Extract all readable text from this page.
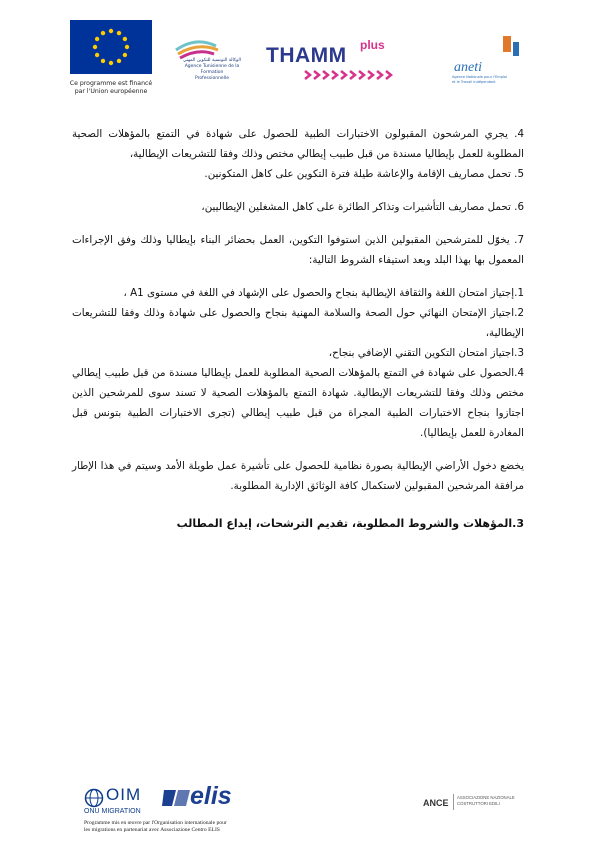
Ce programme est financé
par l'Union européenne
الوكالة التونسية للتكوين المهني
Agence Tunisienne de la Formation
Professionnelle
THAMM plus
aneti
Agence Nationale pour l'Emploi
et le Travail Indépendant

4. يجري المرشحون المقبولون الاختبارات الطبية للحصول على شهادة في التمتع بالمؤهلات الصحية المطلوبة للعمل بإيطاليا مسندة من قبل طبيب إيطالي مختص وذلك وفقا للتشريعات الإيطالية،

5. تحمل مصاريف الإقامة والإعاشة طيلة فترة التكوين على كاهل المتكونين.

6. تحمل مصاريف التأشيرات وتذاكر الطائرة على كاهل المشغلين الإيطاليين،

7. يخوّل للمترشحين المقبولين الذين استوفوا التكوين، العمل بحضائر البناء بإيطاليا وذلك وفق الإجراءات المعمول بها بهذا البلد وبعد استيفاء الشروط التالية:

1.إجتياز امتحان اللغة والثقافة الإيطالية بنجاح والحصول على الإشهاد في اللغة في مستوى A1 ،

2.اجتياز الإمتحان النهائي حول الصحة والسلامة المهنية بنجاح والحصول على شهادة وذلك وفقا للتشريعات الإيطالية،

3.اجتياز امتحان التكوين التقني الإضافي بنجاح،

4.الحصول على شهادة في التمتع بالمؤهلات الصحية المطلوبة للعمل بإيطاليا مسندة من قبل طبيب إيطالي مختص وذلك وفقا للتشريعات الإيطالية. شهادة التمتع بالمؤهلات الصحية لا تسند سوى للمرشحين الذين اجتازوا بنجاح الاختبارات الطبية المجراة من قبل طبيب إيطالي (تجرى الاختبارات الطبية بتونس قبل المغادرة للعمل بإيطاليا).

يخضع دخول الأراضي الإيطالية بصورة نظامية للحصول على تأشيرة عمل طويلة الأمد وسيتم في هذا الإطار مرافقة المرشحين المقبولين لاستكمال كافة الوثائق الإدارية المطلوبة.

3.المؤهلات والشروط المطلوبة، تقديم الترشحات، إيداع المطالب

OIM
ONU MIGRATION
elis
Programme mis en œuvre par l'Organisation internationale pour
les migrations en partenariat avec Associazione Centro ELIS
ANCE
ASSOCIAZIONE NAZIONALE
COSTRUTTORI EDILI
